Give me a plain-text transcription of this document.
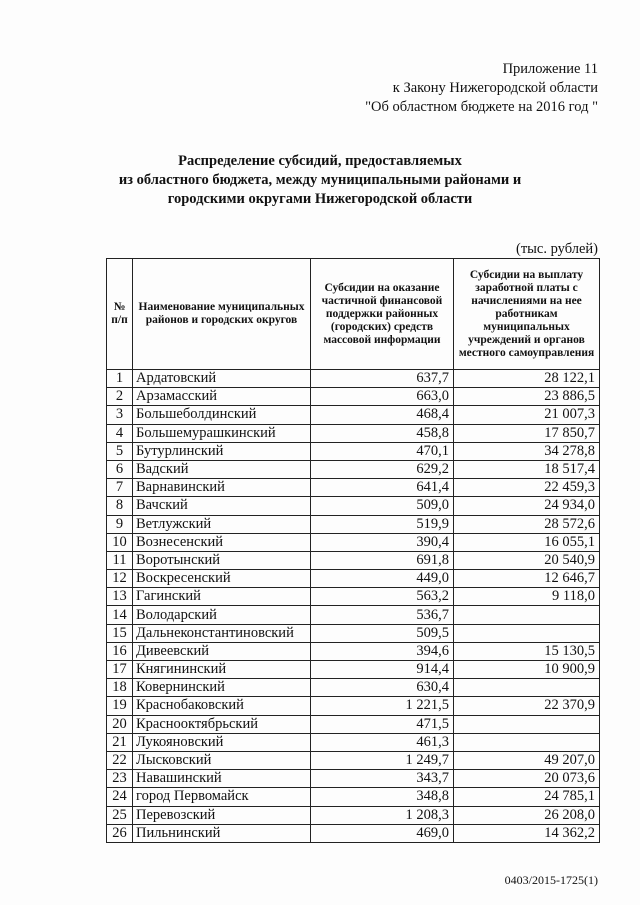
Приложение 11
к Закону Нижегородской области
"Об областном бюджете на 2016 год "
Распределение субсидий, предоставляемых
из областного бюджета, между муниципальными районами и
городскими округами Нижегородской области
(тыс. рублей)
№ п/п	Наименование муниципальных районов и городских округов	Субсидии на оказание частичной финансовой поддержки районных (городских) средств массовой информации	Субсидии на выплату заработной платы с начислениями на нее работникам муниципальных учреждений и органов местного самоуправления
1	Ардатовский	637,7	28 122,1
2	Арзамасский	663,0	23 886,5
3	Большеболдинский	468,4	21 007,3
4	Большемурашкинский	458,8	17 850,7
5	Бутурлинский	470,1	34 278,8
6	Вадский	629,2	18 517,4
7	Варнавинский	641,4	22 459,3
8	Вачский	509,0	24 934,0
9	Ветлужский	519,9	28 572,6
10	Вознесенский	390,4	16 055,1
11	Воротынский	691,8	20 540,9
12	Воскресенский	449,0	12 646,7
13	Гагинский	563,2	9 118,0
14	Володарский	536,7	
15	Дальнеконстантиновский	509,5	
16	Дивеевский	394,6	15 130,5
17	Княгининский	914,4	10 900,9
18	Ковернинский	630,4	
19	Краснобаковский	1 221,5	22 370,9
20	Краснооктябрьский	471,5	
21	Лукояновский	461,3	
22	Лысковский	1 249,7	49 207,0
23	Навашинский	343,7	20 073,6
24	город Первомайск	348,8	24 785,1
25	Перевозский	1 208,3	26 208,0
26	Пильнинский	469,0	14 362,2
0403/2015-1725(1)
